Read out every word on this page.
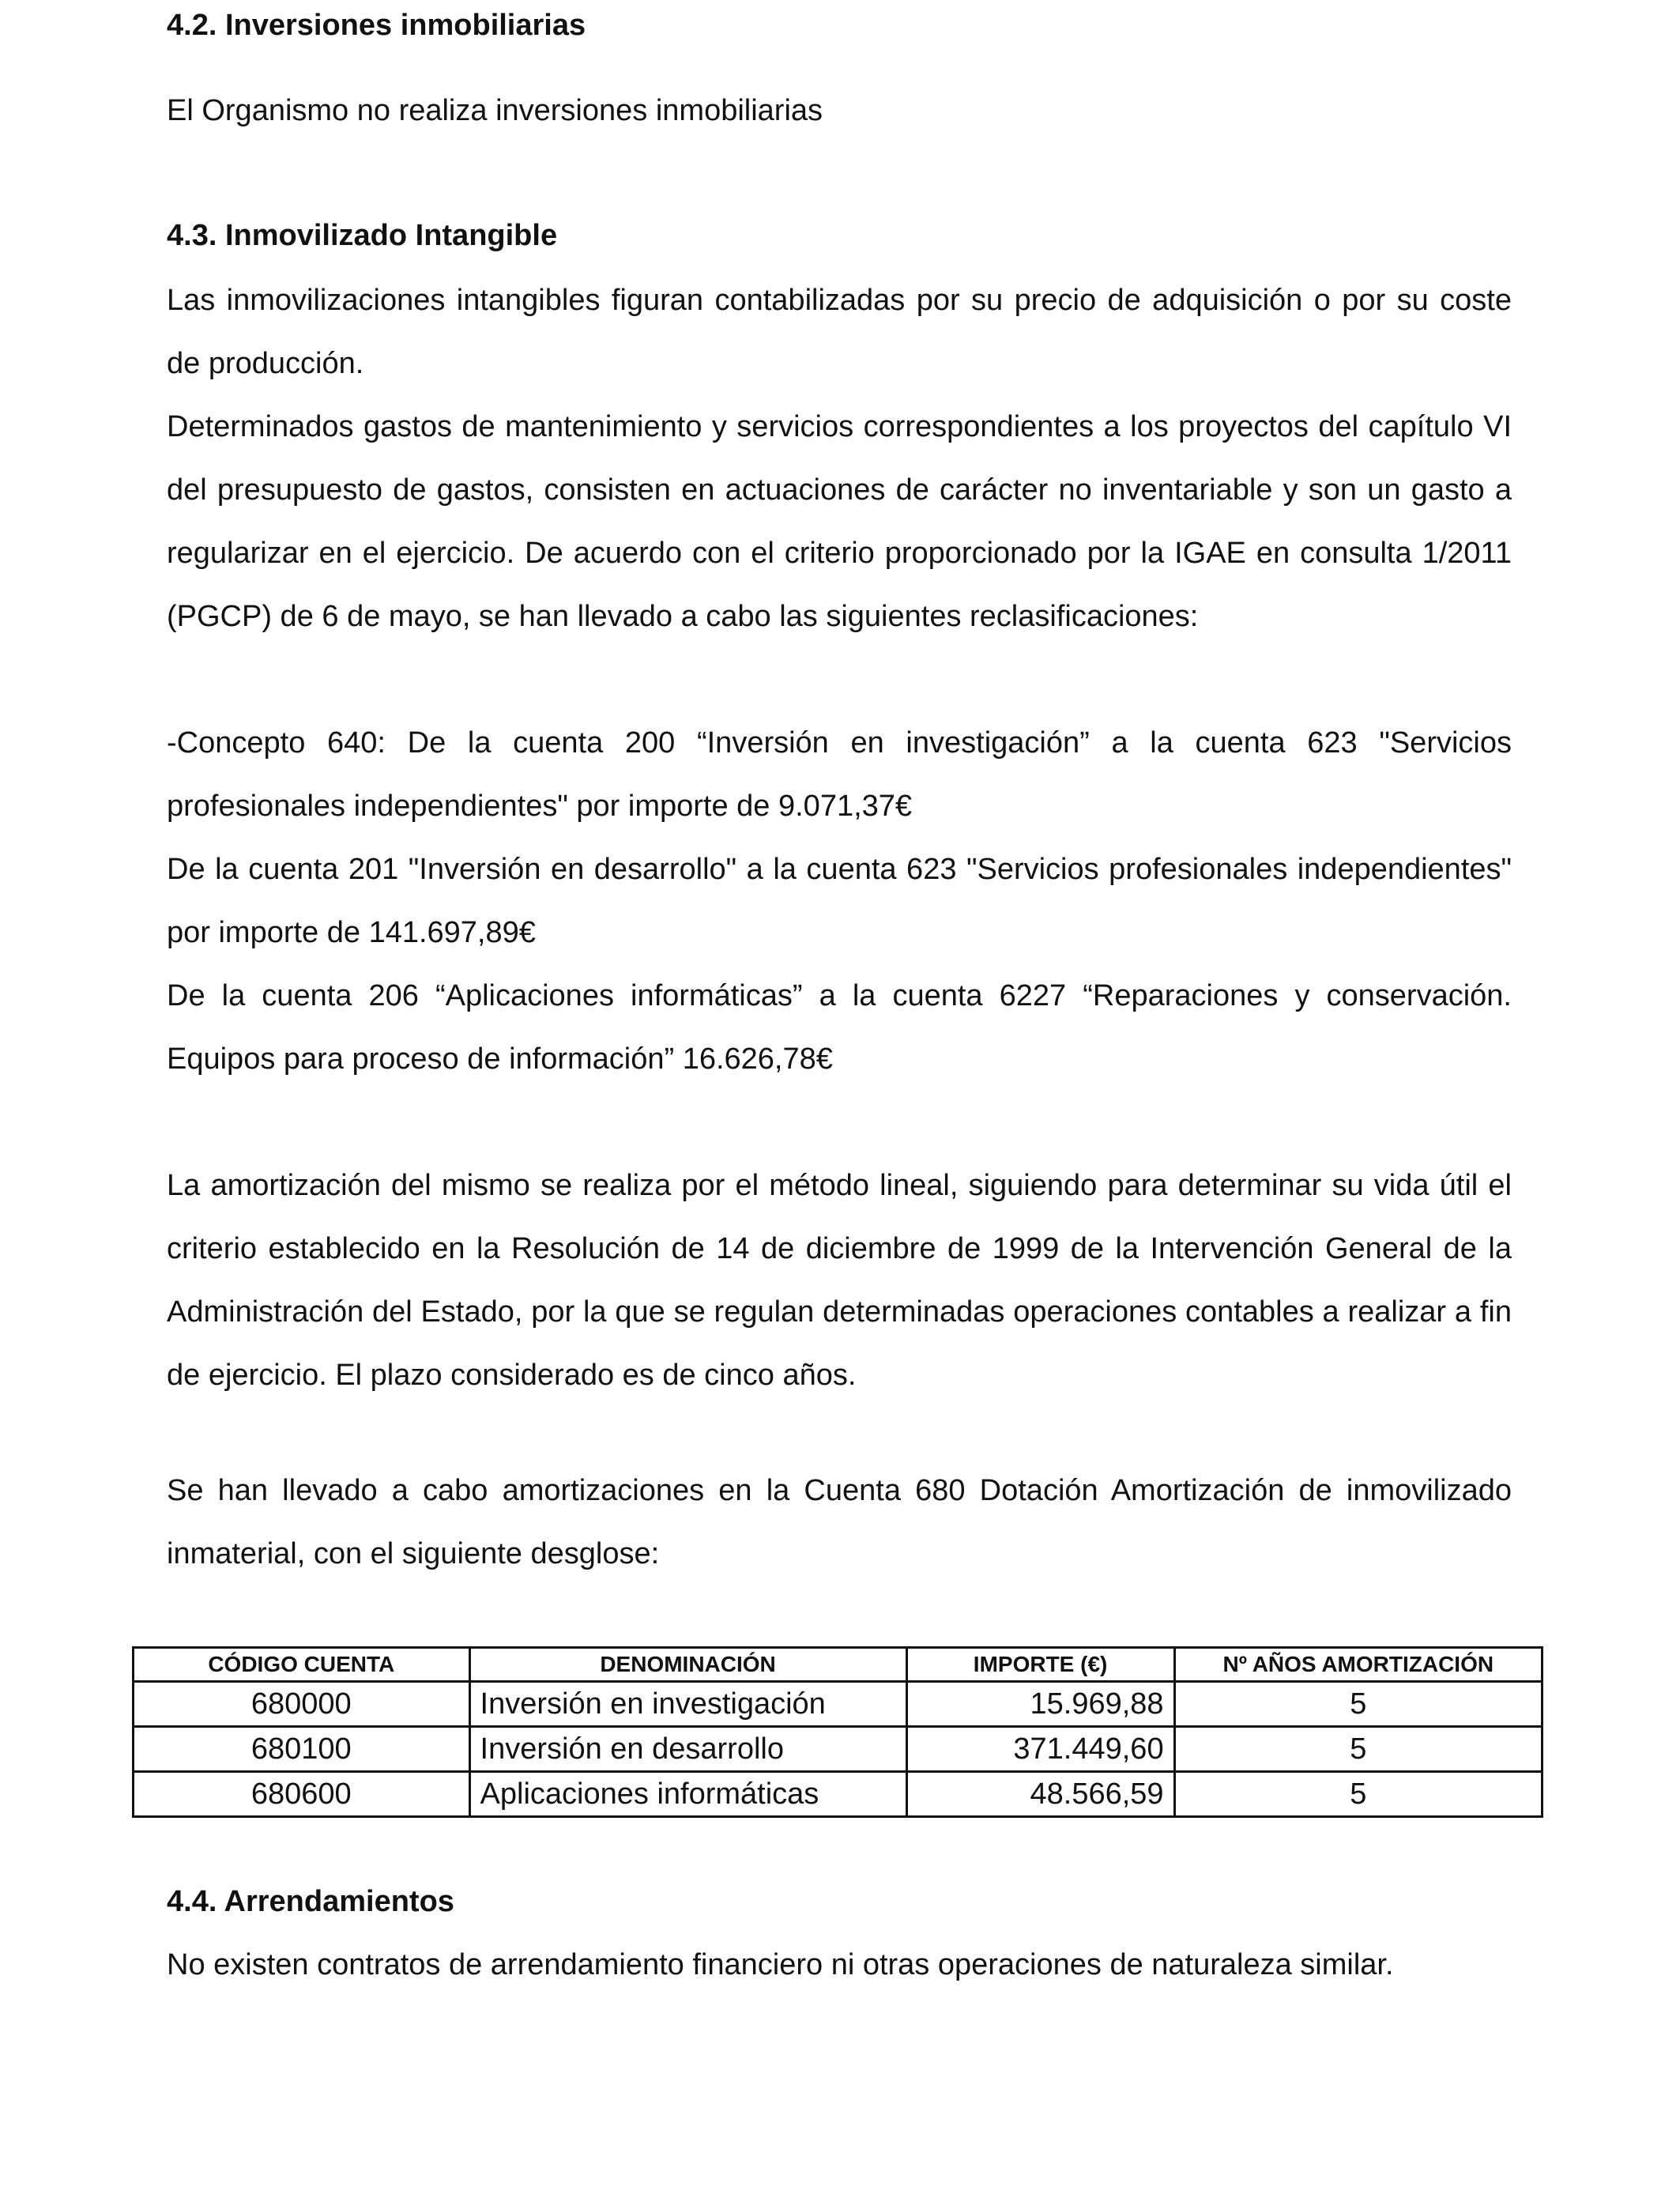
4.2. Inversiones inmobiliarias

El Organismo no realiza inversiones inmobiliarias

4.3. Inmovilizado Intangible

Las inmovilizaciones intangibles figuran contabilizadas por su precio de adquisición o por su coste de producción.

Determinados gastos de mantenimiento y servicios correspondientes a los proyectos del capítulo VI del presupuesto de gastos, consisten en actuaciones de carácter no inventariable y son un gasto a regularizar en el ejercicio. De acuerdo con el criterio proporcionado por la IGAE en consulta 1/2011 (PGCP) de 6 de mayo, se han llevado a cabo las siguientes reclasificaciones:

-Concepto 640: De la cuenta 200 “Inversión en investigación” a la cuenta 623 "Servicios profesionales independientes" por importe de 9.071,37€

De la cuenta 201 "Inversión en desarrollo" a la cuenta 623 "Servicios profesionales independientes" por importe de 141.697,89€

De la cuenta 206 “Aplicaciones informáticas” a la cuenta 6227 “Reparaciones y conservación. Equipos para proceso de información” 16.626,78€

La amortización del mismo se realiza por el método lineal, siguiendo para determinar su vida útil el criterio establecido en la Resolución de 14 de diciembre de 1999 de la Intervención General de la Administración del Estado, por la que se regulan determinadas operaciones contables a realizar a fin de ejercicio. El plazo considerado es de cinco años.

Se han llevado a cabo amortizaciones en la Cuenta 680 Dotación Amortización de inmovilizado inmaterial, con el siguiente desglose:

4.4. Arrendamientos

No existen contratos de arrendamiento financiero ni otras operaciones de naturaleza similar.

CÓDIGO CUENTA	DENOMINACIÓN	IMPORTE (€)	Nº AÑOS AMORTIZACIÓN
680000	Inversión en investigación	15.969,88	5
680100	Inversión en desarrollo	371.449,60	5
680600	Aplicaciones informáticas	48.566,59	5
